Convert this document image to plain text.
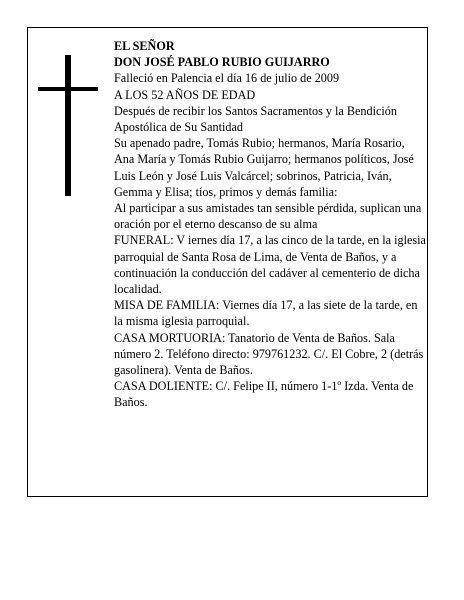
EL SEÑOR

DON JOSÉ PABLO RUBIO GUIJARRO

Falleció en Palencia el día 16 de julio de 2009

A LOS 52 AÑOS DE EDAD

Después de recibir los Santos Sacramentos y la Bendición Apostólica de Su Santidad

Su apenado padre, Tomás Rubio; hermanos, María Rosario, Ana María y Tomás Rubio Guijarro; hermanos políticos, José Luis León y José Luis Valcárcel; sobrinos, Patricia, Iván, Gemma y Elisa; tíos, primos y demás familia:

Al participar a sus amistades tan sensible pérdida, suplican una oración por el eterno descanso de su alma

FUNERAL: V iernes día 17, a las cinco de la tarde, en la iglesia parroquial de Santa Rosa de Lima, de Venta de Baños, y a continuación la conducción del cadáver al cementerio de dicha localidad.

MISA DE FAMILIA: Viernes día 17, a las siete de la tarde, en la misma iglesia parroquial.

CASA MORTUORIA: Tanatorio de Venta de Baños. Sala número 2. Teléfono directo: 979761232. C/. El Cobre, 2 (detrás gasolinera). Venta de Baños.

CASA DOLIENTE: C/. Felipe II, número 1-1º Izda. Venta de Baños.
